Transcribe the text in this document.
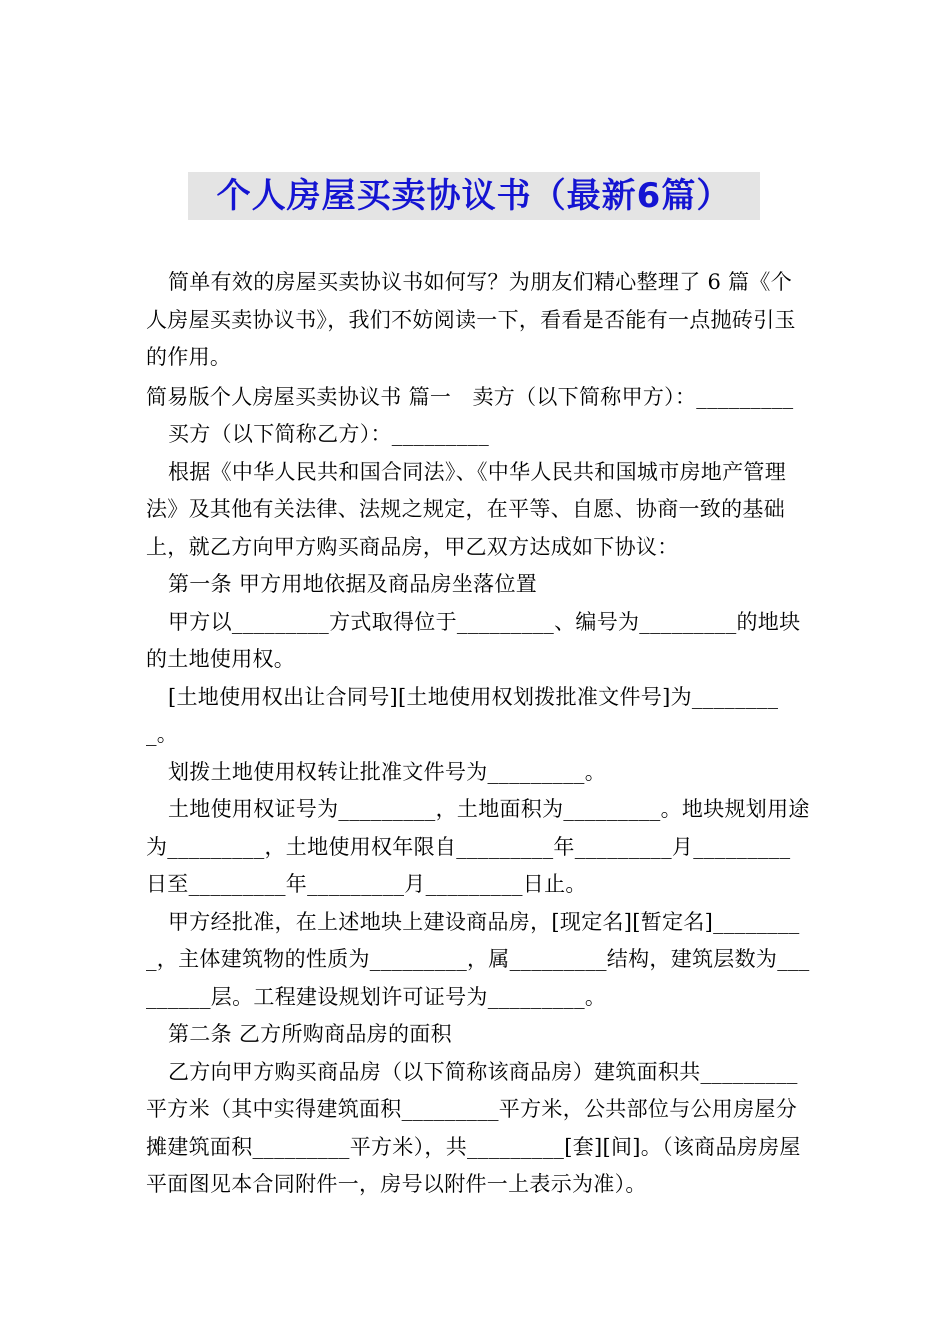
个人房屋买卖协议书（最新6篇）

简单有效的房屋买卖协议书如何写？为朋友们精心整理了 6 篇《个人房屋买卖协议书》，我们不妨阅读一下，看看是否能有一点抛砖引玉的作用。

简易版个人房屋买卖协议书 篇一　卖方（以下简称甲方）：_________

买方（以下简称乙方）：_________

根据《中华人民共和国合同法》、《中华人民共和国城市房地产管理法》及其他有关法律、法规之规定，在平等、自愿、协商一致的基础上，就乙方向甲方购买商品房，甲乙双方达成如下协议：

第一条 甲方用地依据及商品房坐落位置

甲方以_________方式取得位于_________、编号为_________的地块的土地使用权。

[土地使用权出让合同号][土地使用权划拨批准文件号]为_________。

划拨土地使用权转让批准文件号为_________。

土地使用权证号为_________，土地面积为_________。地块规划用途为_________，土地使用权年限自_________年_________月_________日至_________年_________月_________日止。

甲方经批准，在上述地块上建设商品房，[现定名][暂定名]_________，主体建筑物的性质为_________，属_________结构，建筑层数为_________层。工程建设规划许可证号为_________。

第二条 乙方所购商品房的面积

乙方向甲方购买商品房（以下简称该商品房）建筑面积共_________平方米（其中实得建筑面积_________平方米，公共部位与公用房屋分摊建筑面积_________平方米），共_________[套][间]。（该商品房房屋平面图见本合同附件一，房号以附件一上表示为准）。
